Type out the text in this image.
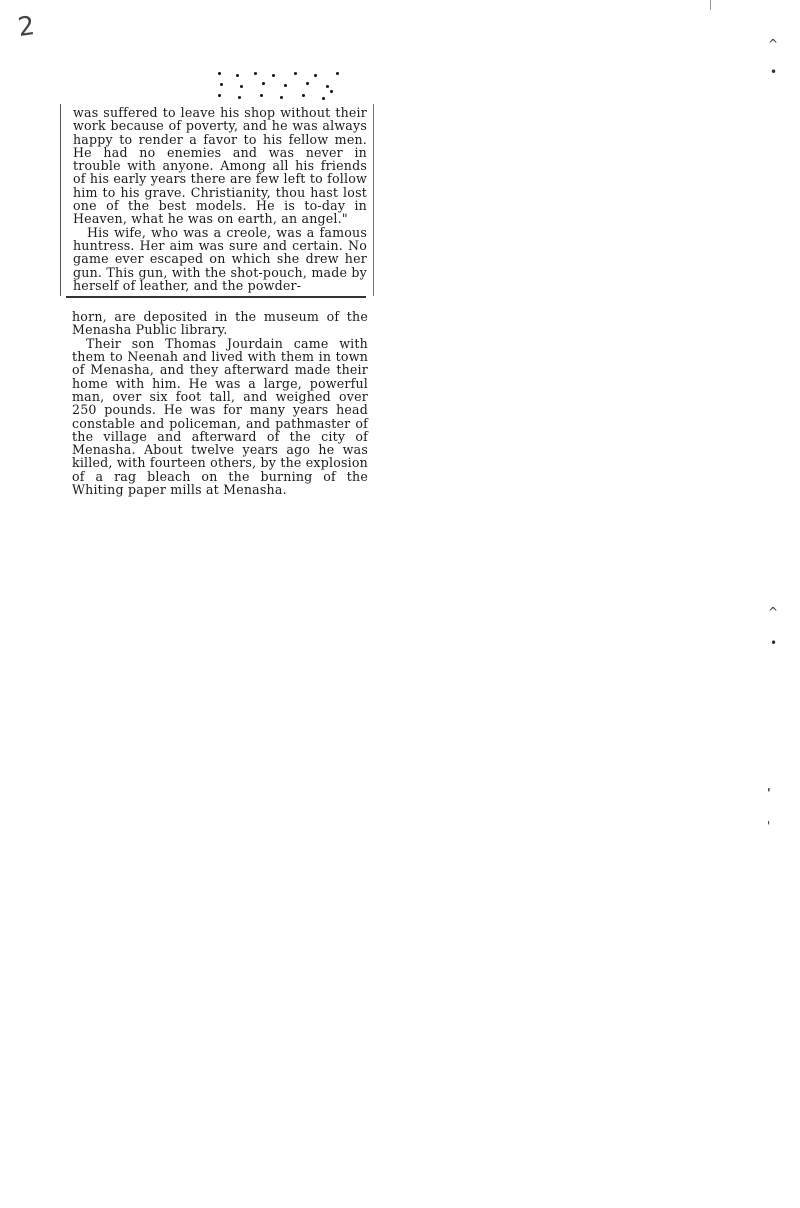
2
^
•
^
•
'
'

was suffered to leave his shop without their work because of poverty, and he was always happy to render a favor to his fellow men. He had no enemies and was never in trouble with anyone. Among all his friends of his early years there are few left to follow him to his grave. Christianity, thou hast lost one of the best models. He is to-day in Heaven, what he was on earth, an angel."

His wife, who was a creole, was a famous huntress. Her aim was sure and certain. No game ever escaped on which she drew her gun. This gun, with the shot-pouch, made by herself of leather, and the powder-

horn, are deposited in the museum of the Menasha Public library.

Their son Thomas Jourdain came with them to Neenah and lived with them in town of Menasha, and they afterward made their home with him. He was a large, powerful man, over six foot tall, and weighed over 250 pounds. He was for many years head constable and policeman, and pathmaster of the village and afterward of the city of Menasha. About twelve years ago he was killed, with fourteen others, by the explosion of a rag bleach on the burning of the Whiting paper mills at Menasha.
